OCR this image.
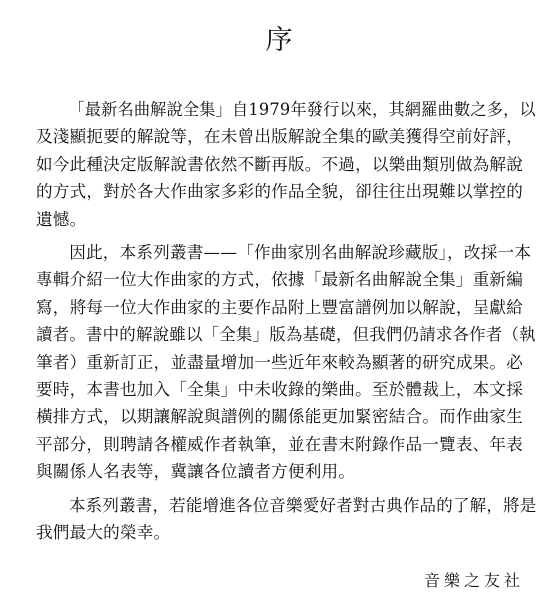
序

「最新名曲解說全集」自1979年發行以來，其網羅曲數之多，以
及淺顯扼要的解說等，在未曾出版解說全集的歐美獲得空前好評，
如今此種決定版解說書依然不斷再版。不過，以樂曲類別做為解說
的方式，對於各大作曲家多彩的作品全貌，卻往往出現難以掌控的
遺憾。

因此，本系列叢書——「作曲家別名曲解說珍藏版」，改採一本
專輯介紹一位大作曲家的方式，依據「最新名曲解說全集」重新編
寫，將每一位大作曲家的主要作品附上豐富譜例加以解說，呈獻給
讀者。書中的解說雖以「全集」版為基礎，但我們仍請求各作者（執
筆者）重新訂正，並盡量增加一些近年來較為顯著的研究成果。必
要時，本書也加入「全集」中未收錄的樂曲。至於體裁上，本文採
橫排方式，以期讓解說與譜例的關係能更加緊密結合。而作曲家生
平部分，則聘請各權威作者執筆，並在書末附錄作品一覽表、年表
與關係人名表等，冀讓各位讀者方便利用。

本系列叢書，若能增進各位音樂愛好者對古典作品的了解，將是
我們最大的榮幸。

音樂之友社
